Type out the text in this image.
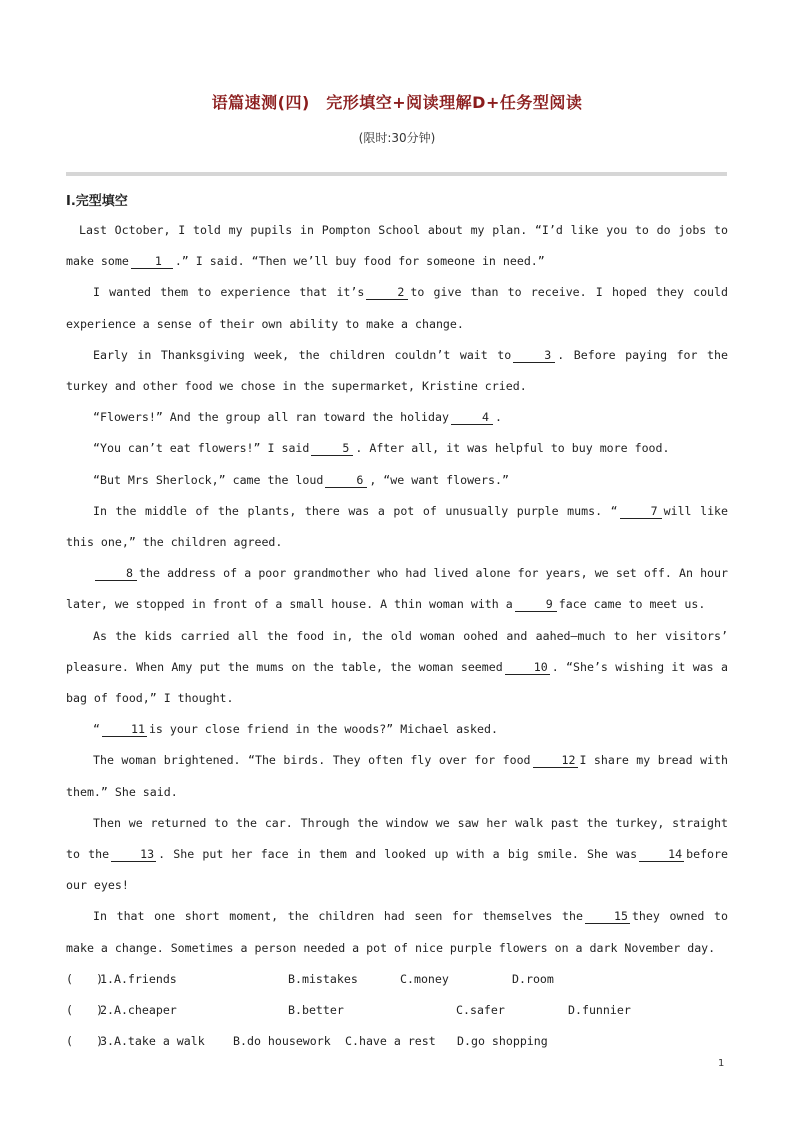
语篇速测(四)　完形填空+阅读理解D+任务型阅读
(限时:30分钟)
Ⅰ.完型填空

Last October, I told my pupils in Pompton School about my plan. “I’d like you to do jobs to make some 1 .” I said. “Then we’ll buy food for someone in need.”

I wanted them to experience that it’s	2 to give than to receive. I hoped they could experience a sense of their own ability to make a change.

Early in Thanksgiving week, the children couldn’t wait to	3 . Before paying for the turkey and other food we chose in the supermarket, Kristine cried.

“Flowers!” And the group all ran toward the holiday	4 .

“You can’t eat flowers!” I said	5 . After all, it was helpful to buy more food.

“But Mrs Sherlock,” came the loud	6 , “we want flowers.”

In the middle of the plants, there was a pot of unusually purple mums. “	7 will like this one,” the children agreed.

8 the address of a poor grandmother who had lived alone for years, we set off. An hour later, we stopped in front of a small house. A thin woman with a	9 face came to meet us.

As the kids carried all the food in, the old woman oohed and aahed—much to her visitors’ pleasure. When Amy put the mums on the table, the woman seemed	10 . “She’s wishing it was a bag of food,” I thought.

“	11 is your close friend in the woods?” Michael asked.

The woman brightened. “The birds. They often fly over for food	12 I share my bread with them.” She said.

Then we returned to the car. Through the window we saw her walk past the turkey, straight to the	13 . She put her face in them and looked up with a big smile. She was	14 before our eyes!

In that one short moment, the children had seen for themselves the	15 they owned to make a change. Sometimes a person needed a pot of nice purple flowers on a dark November day.

(　　)
1.A.friends	B.mistakes	C.money	D.room
(　　)
2.A.cheaper	B.better	C.safer	D.funnier
(　　)
3.A.take a walk	B.do housework	C.have a rest	D.go shopping
1
